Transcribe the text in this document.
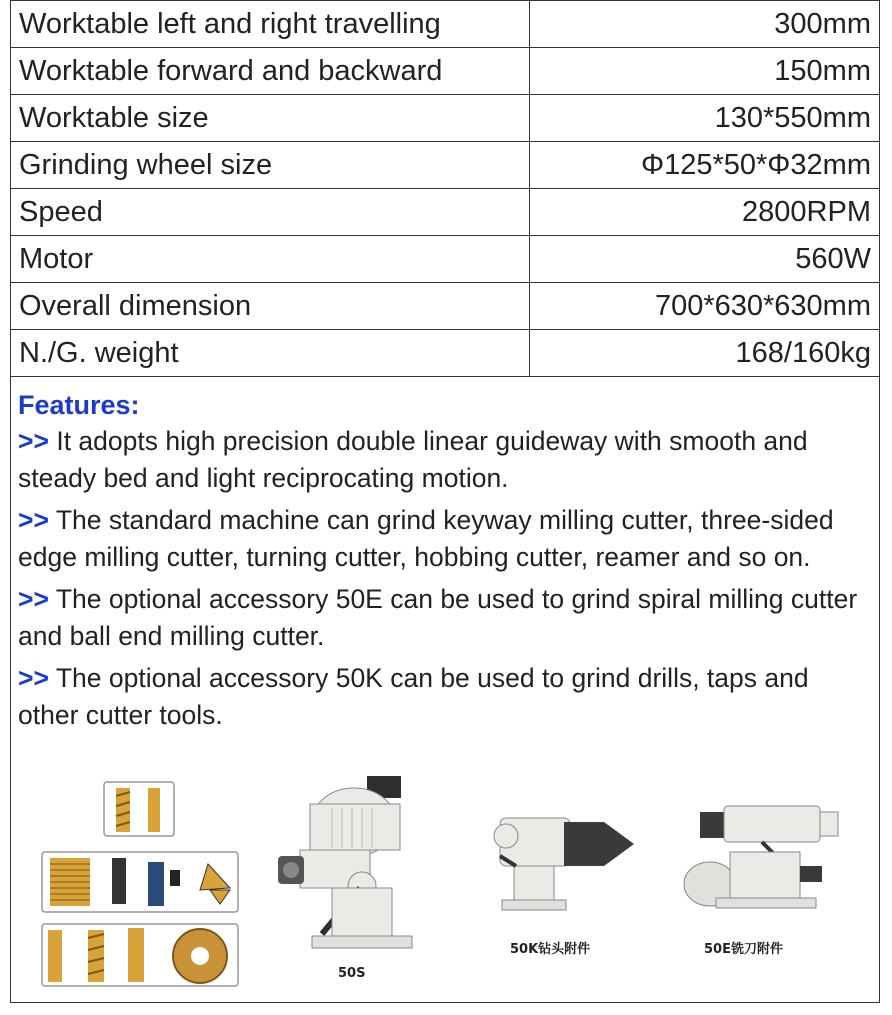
Worktable left and right travelling	300mm
Worktable forward and backward	150mm
Worktable size	130*550mm
Grinding wheel size	Φ125*50*Φ32mm
Speed	2800RPM
Motor	560W
Overall dimension	700*630*630mm
N./G. weight	168/160kg
Features:
>> It adopts high precision double linear guideway with smooth and steady bed and light reciprocating motion.
>> The standard machine can grind keyway milling cutter, three-sided edge milling cutter, turning cutter, hobbing cutter, reamer and so on.
>> The optional accessory 50E can be used to grind spiral milling cutter and ball end milling cutter.
>> The optional accessory 50K can be used to grind drills, taps and other cutter tools.
50S
50K钻头附件	50E铣刀附件
